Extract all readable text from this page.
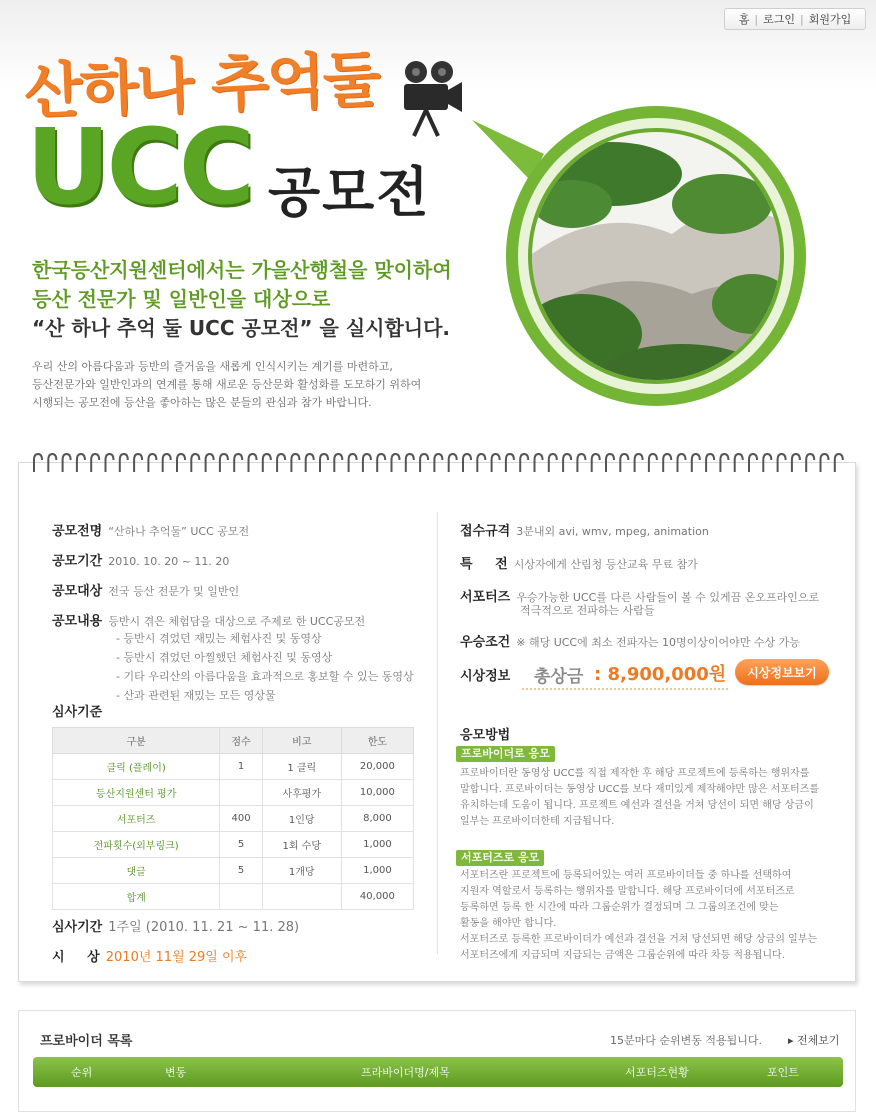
홈 | 로그인 | 회원가입
산하나 추억둘
UCC 공모전
한국등산지원센터에서는 가을산행철을 맞이하여
등산 전문가 및 일반인을 대상으로
“산 하나 추억 둘 UCC 공모전” 을 실시합니다.
우리 산의 아름다움과 등반의 즐거움을 새롭게 인식시키는 계기를 마련하고,
등산전문가와 일반인과의 연계를 통해 새로운 등산문화 활성화를 도모하기 위하여
시행되는 공모전에 등산을 좋아하는 많은 분들의 관심과 참가 바랍니다.
공모전명 “산하나 추억둘” UCC 공모전
공모기간 2010. 10. 20 ~ 11. 20
공모대상 전국 등산 전문가 및 일반인
공모내용 등반시 겪은 체험담을 대상으로 주제로 한 UCC공모전
- 등반시 겪었던 재밌는 체험사진 및 동영상
- 등반시 겪었던 아찔했던 체험사진 및 동영상
- 기타 우리산의 아름다움을 효과적으로 홍보할 수 있는 동영상
- 산과 관련된 재밌는 모든 영상물
심사기준
구분	점수	비고	한도
클릭 (플레이)	1	1 클릭	20,000
등산지원센터 평가		사후평가	10,000
서포터즈	400	1인당	8,000
전파횟수(외부링크)	5	1회 수당	1,000
댓글	5	1개당	1,000
합계			40,000
심사기간 1주일 (2010. 11. 21 ~ 11. 28)
시     상 2010년 11월 29일 이후
접수규격 3분내외 avi, wmv, mpeg, animation
특     전 시상자에게 산림청 등산교육 무료 참가
서포터즈 우승가능한 UCC를 다른 사람들이 볼 수 있게끔 온오프라인으로
적극적으로 전파하는 사람들
우승조건 ※ 해당 UCC에 최소 전파자는 10명이상이어야만 수상 가능
시상정보 총상금 : 8,900,000원	시상정보보기
응모방법
프로바이더로 응모
프로바이더란 동영상 UCC를 직접 제작한 후 해당 프로젝트에 등록하는 행위자를
말합니다. 프로바이더는 동영상 UCC를 보다 재미있게 제작해야만 많은 서포터즈를
유치하는데 도움이 됩니다. 프로젝트 예선과 결선을 거쳐 당선이 되면 해당 상금이
일부는 프로바이더한테 지급됩니다.
서포터즈로 응모
서포터즈란 프로젝트에 등록되어있는 여러 프로바이더들 중 하나를 선택하여
지원자 역할로서 등록하는 행위자를 말합니다. 해당 프로바이더에 서포터즈로
등록하면 등록 한 시간에 따라 그룹순위가 결정되며 그 그룹의조건에 맞는
활동을 해야만 합니다.
서포터즈로 등록한 프로바이더가 예선과 결선을 거쳐 당선되면 해당 상금의 일부는
서포터즈에게 지급되며 지급되는 금액은 그룹순위에 따라 차등 적용됩니다.
프로바이더 목록	15분마다 순위변동 적용됩니다. ▸ 전체보기
순위	변동	프라바이더명/제목	서포터즈현황	포인트
